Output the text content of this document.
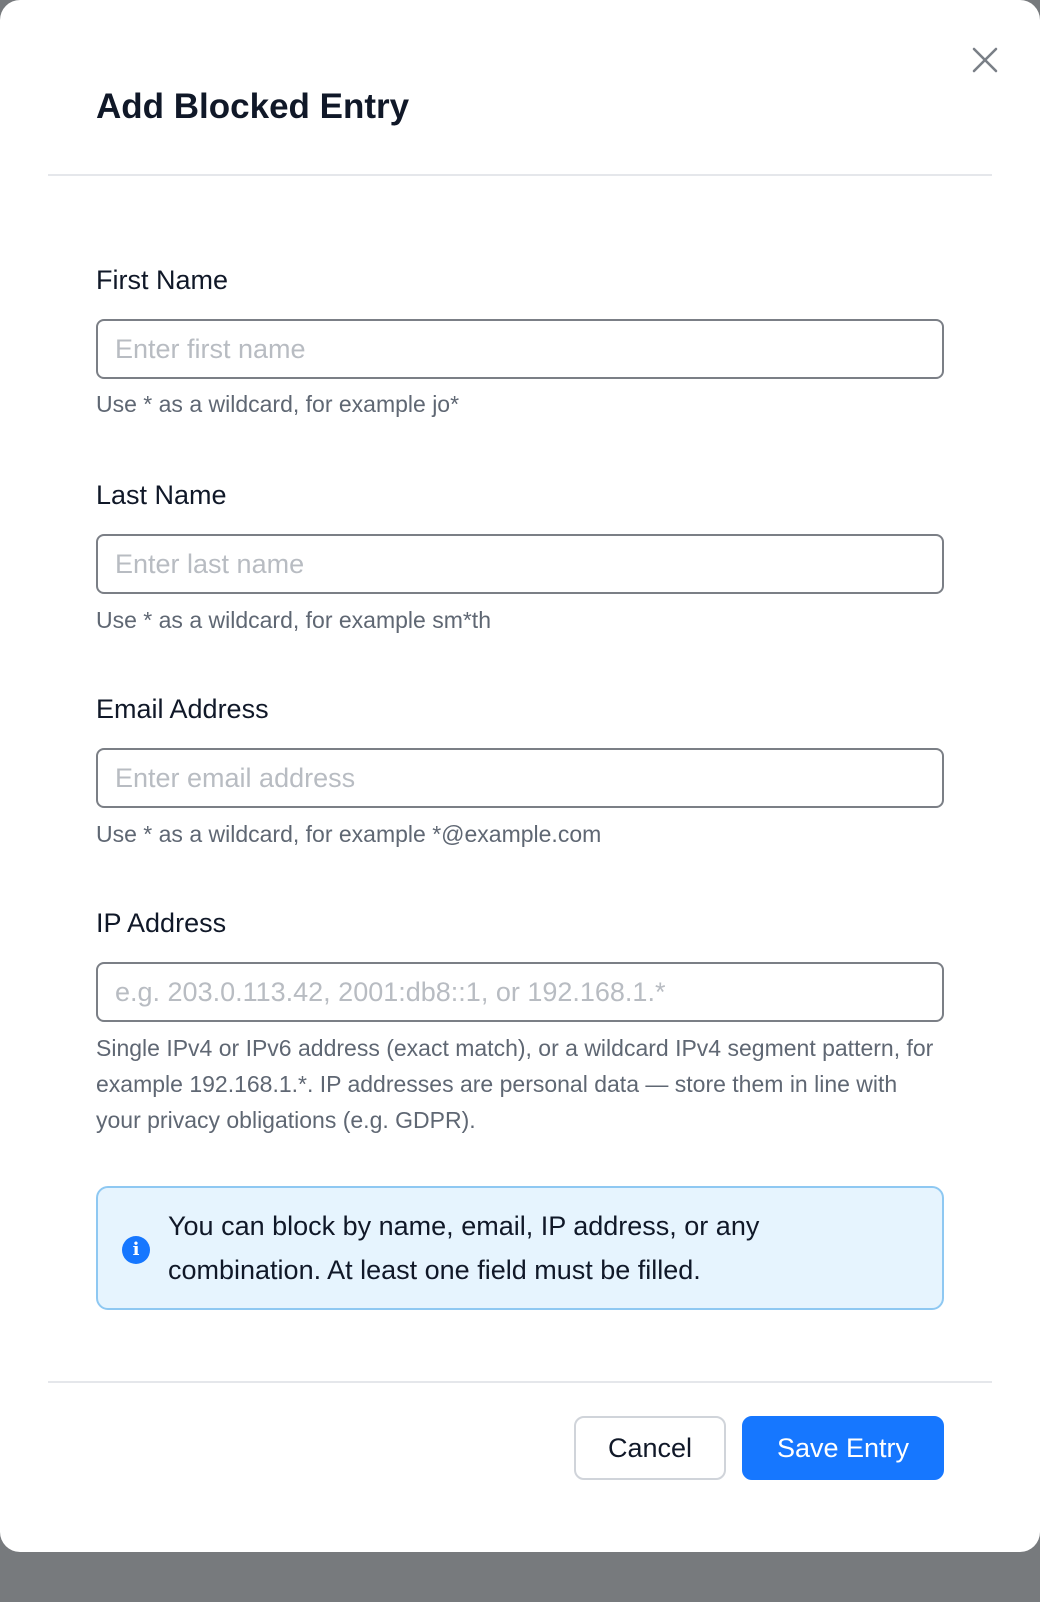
Add Blocked Entry
First Name
Enter first name
Use * as a wildcard, for example jo*
Last Name
Enter last name
Use * as a wildcard, for example sm*th
Email Address
Enter email address
Use * as a wildcard, for example *@example.com
IP Address
e.g. 203.0.113.42, 2001:db8::1, or 192.168.1.*
Single IPv4 or IPv6 address (exact match), or a wildcard IPv4 segment pattern, for example 192.168.1.*. IP addresses are personal data — store them in line with your privacy obligations (e.g. GDPR).
i
You can block by name, email, IP address, or any combination. At least one field must be filled.
Cancel	Save Entry
